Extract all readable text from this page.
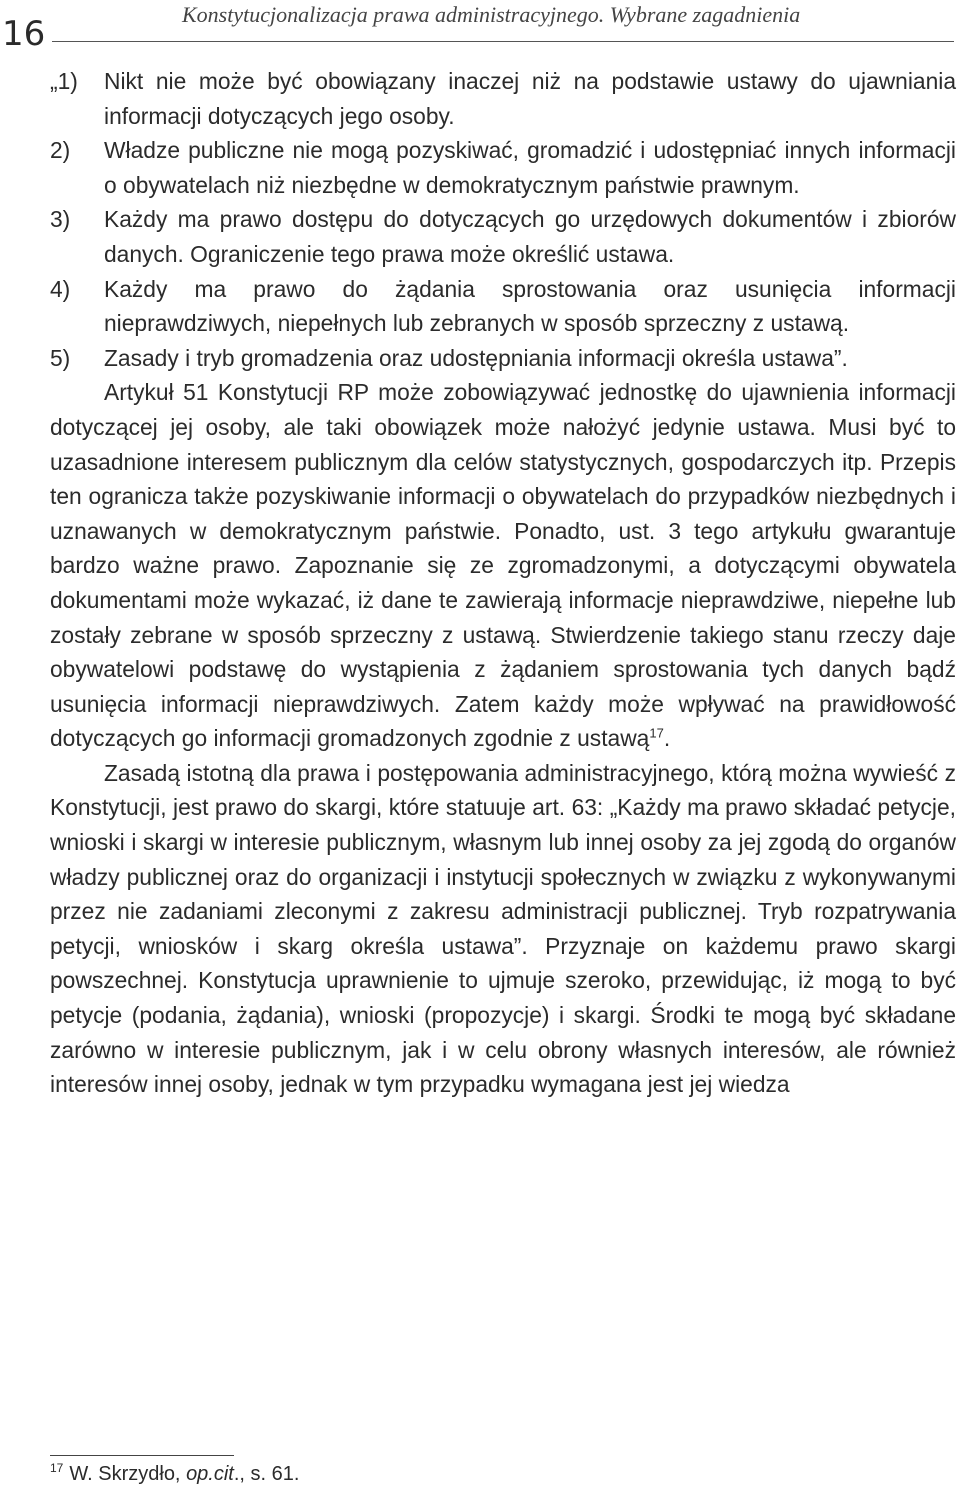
16	Konstytucjonalizacja prawa administracyjnego. Wybrane zagadnienia
„1) Nikt nie może być obowiązany inaczej niż na podstawie ustawy do ujawniania informacji dotyczących jego osoby.
2) Władze publiczne nie mogą pozyskiwać, gromadzić i udostępniać innych informacji o obywatelach niż niezbędne w demokratycznym państwie prawnym.
3) Każdy ma prawo dostępu do dotyczących go urzędowych dokumentów i zbiorów danych. Ograniczenie tego prawa może określić ustawa.
4) Każdy ma prawo do żądania sprostowania oraz usunięcia informacji nieprawdziwych, niepełnych lub zebranych w sposób sprzeczny z ustawą.
5) Zasady i tryb gromadzenia oraz udostępniania informacji określa ustawa”.

Artykuł 51 Konstytucji RP może zobowiązywać jednostkę do ujawnienia informacji dotyczącej jej osoby, ale taki obowiązek może nałożyć jedynie ustawa. Musi być to uzasadnione interesem publicznym dla celów statystycznych, gospodarczych itp. Przepis ten ogranicza także pozyskiwanie informacji o obywatelach do przypadków niezbędnych i uznawanych w demokratycznym państwie. Ponadto, ust. 3 tego artykułu gwarantuje bardzo ważne prawo. Zapoznanie się ze zgromadzonymi, a dotyczącymi obywatela dokumentami może wykazać, iż dane te zawierają informacje nieprawdziwe, niepełne lub zostały zebrane w sposób sprzeczny z ustawą. Stwierdzenie takiego stanu rzeczy daje obywatelowi podstawę do wystąpienia z żądaniem sprostowania tych danych bądź usunięcia informacji nieprawdziwych. Zatem każdy może wpływać na prawidłowość dotyczących go informacji gromadzonych zgodnie z ustawą$^{17}$.

Zasadą istotną dla prawa i postępowania administracyjnego, którą można wywieść z Konstytucji, jest prawo do skargi, które statuuje art. 63: „Każdy ma prawo składać petycje, wnioski i skargi w interesie publicznym, własnym lub innej osoby za jej zgodą do organów władzy publicznej oraz do organizacji i instytucji społecznych w związku z wykonywanymi przez nie zadaniami zleconymi z zakresu administracji publicznej. Tryb rozpatrywania petycji, wniosków i skarg określa ustawa”. Przyznaje on każdemu prawo skargi powszechnej. Konstytucja uprawnienie to ujmuje szeroko, przewidując, iż mogą to być petycje (podania, żądania), wnioski (propozycje) i skargi. Środki te mogą być składane zarówno w interesie publicznym, jak i w celu obrony własnych interesów, ale również interesów innej osoby, jednak w tym przypadku wymagana jest jej wiedza

$^{17}$ W. Skrzydło, op.cit., s. 61.
